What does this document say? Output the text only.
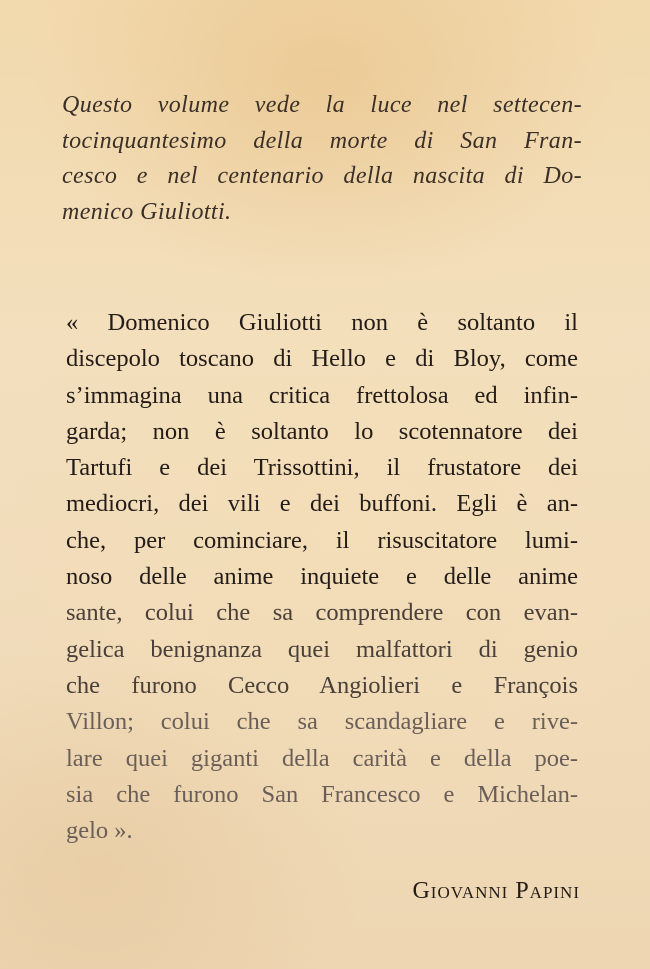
Questo volume vede la luce nel settecen-
tocinquantesimo della morte di San Fran-
cesco e nel centenario della nascita di Do-
menico Giuliotti.
« Domenico Giuliotti non è soltanto il
discepolo toscano di Hello e di Bloy, come
s’immagina una critica frettolosa ed infin-
garda; non è soltanto lo scotennatore dei
Tartufi e dei Trissottini, il frustatore dei
mediocri, dei vili e dei buffoni. Egli è an-
che, per cominciare, il risuscitatore lumi-
noso delle anime inquiete e delle anime
sante, colui che sa comprendere con evan-
gelica benignanza quei malfattori di genio
che furono Cecco Angiolieri e François
Villon; colui che sa scandagliare e rive-
lare quei giganti della carità e della poe-
sia che furono San Francesco e Michelan-
gelo ».
Giovanni Papini
